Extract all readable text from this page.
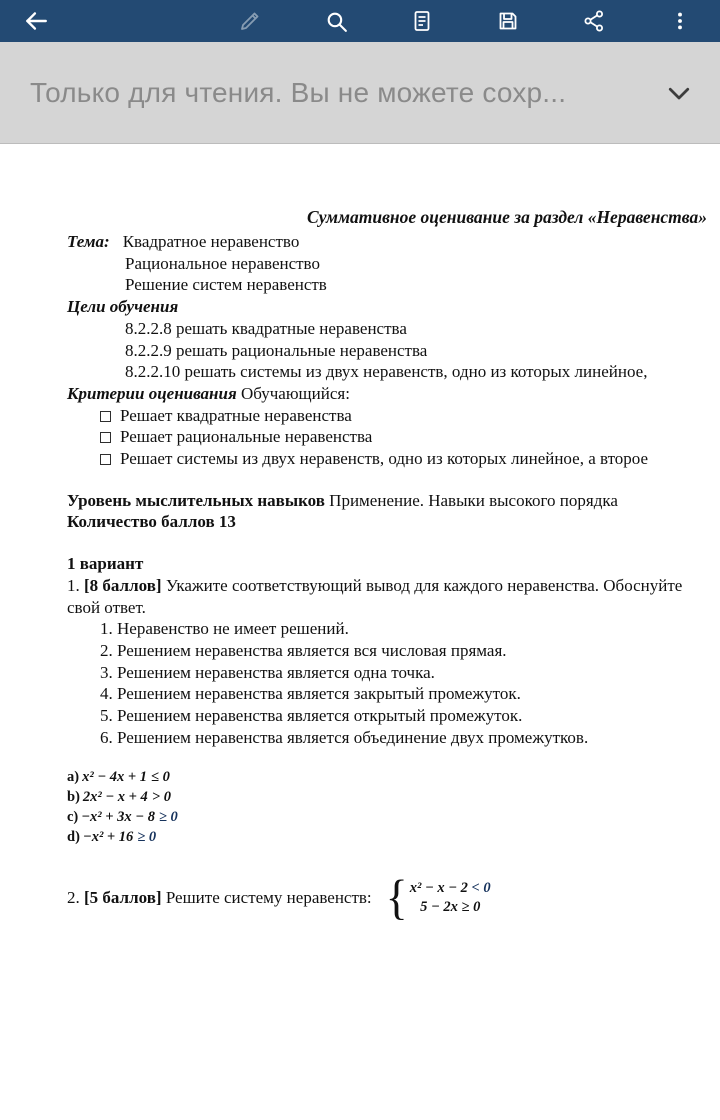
Только для чтения. Вы не можете сохр...

Суммативное оценивание за раздел «Неравенства»

Тема: Квадратное неравенство

Рациональное неравенство

Решение систем неравенств

Цели обучения

8.2.2.8 решать квадратные неравенства

8.2.2.9 решать рациональные неравенства

8.2.2.10 решать системы из двух неравенств, одно из которых линейное,

Критерии оценивания Обучающийся:

Решает квадратные неравенства

Решает рациональные неравенства

Решает системы из двух неравенств, одно из которых линейное, а второе

Уровень мыслительных навыков Применение. Навыки высокого порядка

Количество баллов 13

1 вариант

1. [8 баллов] Укажите соответствующий вывод для каждого неравенства. Обоснуйте свой ответ.

1. Неравенство не имеет решений.

2. Решением неравенства является вся числовая прямая.

3. Решением неравенства является одна точка.

4. Решением неравенства является закрытый промежуток.

5. Решением неравенства является открытый промежуток.

6. Решением неравенства является объединение двух промежутков.

a) x² − 4x + 1 ≤ 0

b) 2x² − x + 4 > 0

c) −x² + 3x − 8 ≥ 0

d) −x² + 16 ≥ 0

2.
[5 баллов]
Решите систему неравенств: { x² − x − 2 < 0
5 − 2x ≥ 0
